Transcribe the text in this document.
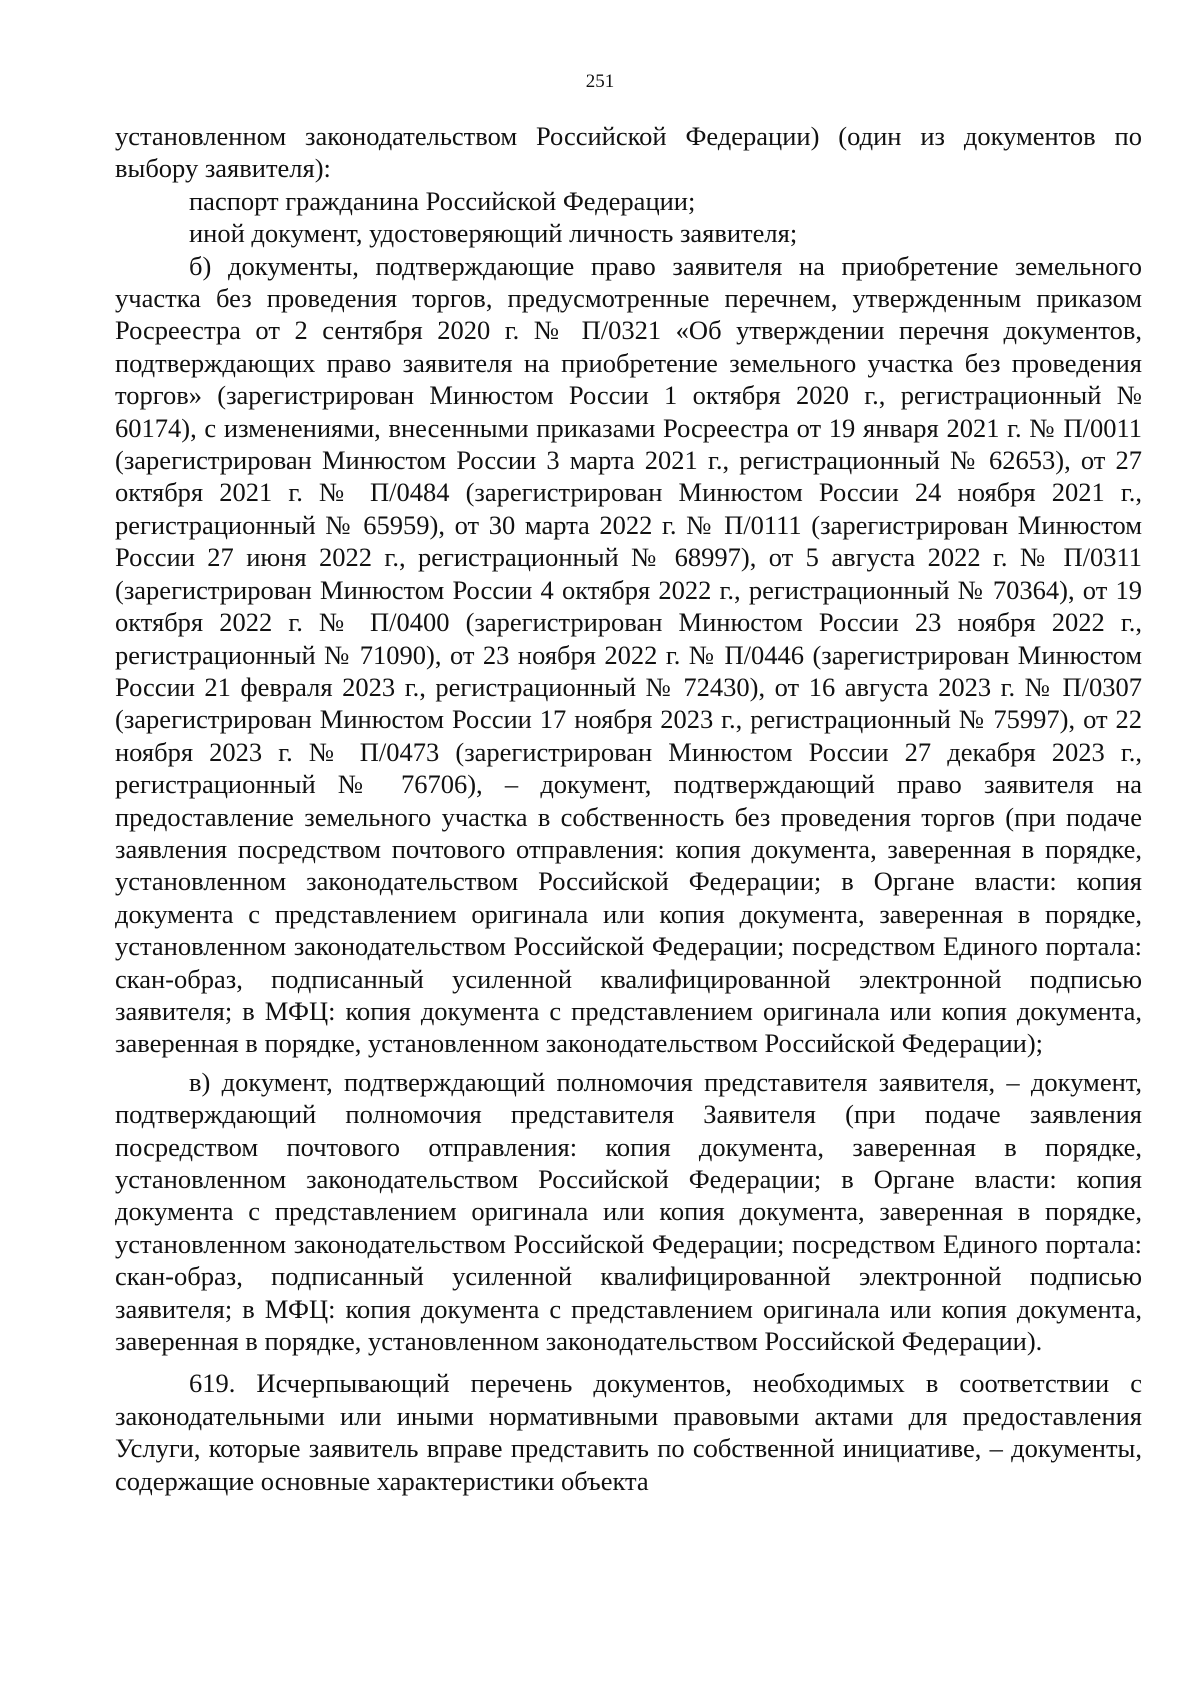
251

установленном законодательством Российской Федерации) (один из документов по выбору заявителя):

паспорт гражданина Российской Федерации;

иной документ, удостоверяющий личность заявителя;

б) документы, подтверждающие право заявителя на приобретение земельного участка без проведения торгов, предусмотренные перечнем, утвержденным приказом Росреестра от 2 сентября 2020 г. № П/0321 «Об утверждении перечня документов, подтверждающих право заявителя на приобретение земельного участка без проведения торгов» (зарегистрирован Минюстом России 1 октября 2020 г., регистрационный № 60174), с изменениями, внесенными приказами Росреестра от 19 января 2021 г. № П/0011 (зарегистрирован Минюстом России 3 марта 2021 г., регистрационный № 62653), от 27 октября 2021 г. № П/0484 (зарегистрирован Минюстом России 24 ноября 2021 г., регистрационный № 65959), от 30 марта 2022 г. № П/0111 (зарегистрирован Минюстом России 27 июня 2022 г., регистрационный № 68997), от 5 августа 2022 г. № П/0311 (зарегистрирован Минюстом России 4 октября 2022 г., регистрационный № 70364), от 19 октября 2022 г. № П/0400 (зарегистрирован Минюстом России 23 ноября 2022 г., регистрационный № 71090), от 23 ноября 2022 г. № П/0446 (зарегистрирован Минюстом России 21 февраля 2023 г., регистрационный № 72430), от 16 августа 2023 г. № П/0307 (зарегистрирован Минюстом России 17 ноября 2023 г., регистрационный № 75997), от 22 ноября 2023 г. № П/0473 (зарегистрирован Минюстом России 27 декабря 2023 г., регистрационный № 76706), – документ, подтверждающий право заявителя на предоставление земельного участка в собственность без проведения торгов (при подаче заявления посредством почтового отправления: копия документа, заверенная в порядке, установленном законодательством Российской Федерации; в Органе власти: копия документа с представлением оригинала или копия документа, заверенная в порядке, установленном законодательством Российской Федерации; посредством Единого портала: скан-образ, подписанный усиленной квалифицированной электронной подписью заявителя; в МФЦ: копия документа с представлением оригинала или копия документа, заверенная в порядке, установленном законодательством Российской Федерации);

в) документ, подтверждающий полномочия представителя заявителя, – документ, подтверждающий полномочия представителя Заявителя (при подаче заявления посредством почтового отправления: копия документа, заверенная в порядке, установленном законодательством Российской Федерации; в Органе власти: копия документа с представлением оригинала или копия документа, заверенная в порядке, установленном законодательством Российской Федерации; посредством Единого портала: скан-образ, подписанный усиленной квалифицированной электронной подписью заявителя; в МФЦ: копия документа с представлением оригинала или копия документа, заверенная в порядке, установленном законодательством Российской Федерации).

619. Исчерпывающий перечень документов, необходимых в соответствии с законодательными или иными нормативными правовыми актами для предоставления Услуги, которые заявитель вправе представить по собственной инициативе, – документы, содержащие основные характеристики объекта
